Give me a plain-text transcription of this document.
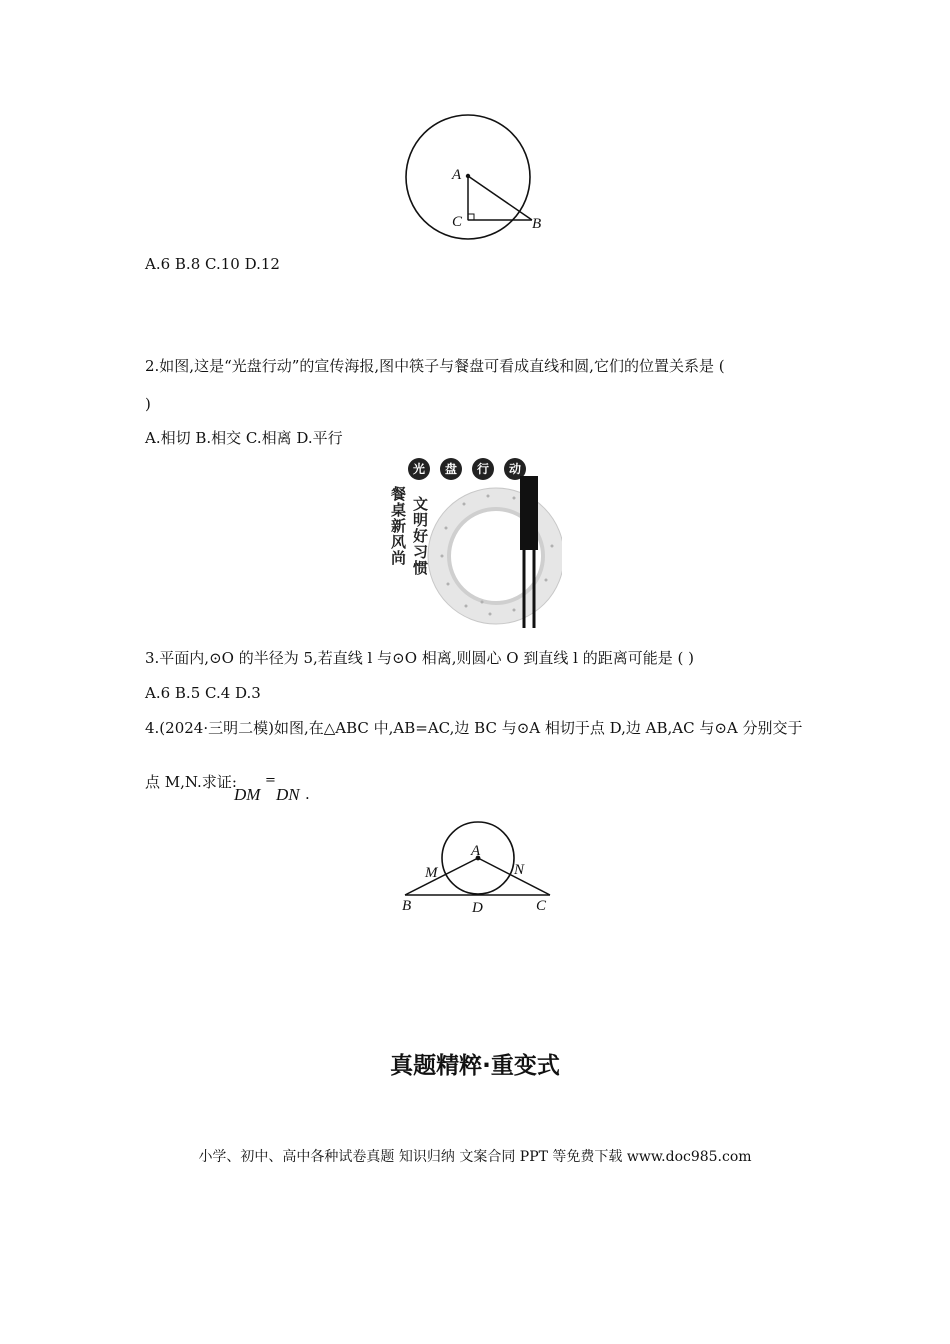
A
C	B
A.6 B.8 C.10 D.12
2.如图,这是“光盘行动”的宣传海报,图中筷子与餐盘可看成直线和圆,它们的位置关系是 (
)
A.相切 B.相交 C.相离 D.平行
光 盘 行 动
餐桌新风尚 文明好习惯
3.平面内,⊙O 的半径为 5,若直线 l 与⊙O 相离,则圆心 O 到直线 l 的距离可能是 ( )
A.6 B.5 C.4 D.3
4.(2024·三明二模)如图,在△ABC 中,AB=AC,边 BC 与⊙A 相切于点 D,边 AB,AC 与⊙A 分别交于
点 M,N.求证: =
DM DN .
A
M	N
B	D	C
真题精粹·重变式
小学、初中、高中各种试卷真题 知识归纳 文案合同 PPT 等免费下载 www.doc985.com
